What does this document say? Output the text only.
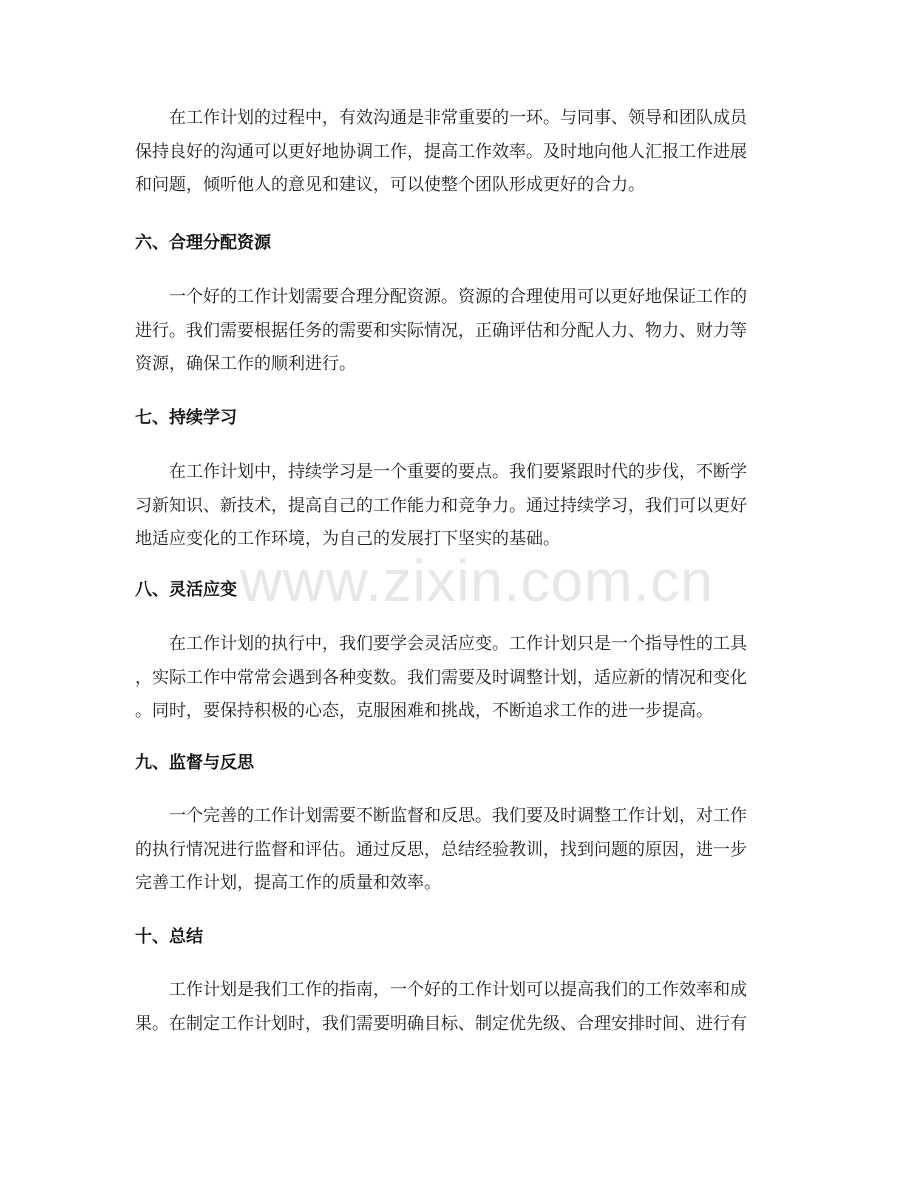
在工作计划的过程中，有效沟通是非常重要的一环。与同事、领导和团队成员
保持良好的沟通可以更好地协调工作，提高工作效率。及时地向他人汇报工作进展
和问题，倾听他人的意见和建议，可以使整个团队形成更好的合力。
六、合理分配资源
一个好的工作计划需要合理分配资源。资源的合理使用可以更好地保证工作的
进行。我们需要根据任务的需要和实际情况，正确评估和分配人力、物力、财力等
资源，确保工作的顺利进行。
七、持续学习
在工作计划中，持续学习是一个重要的要点。我们要紧跟时代的步伐，不断学
习新知识、新技术，提高自己的工作能力和竞争力。通过持续学习，我们可以更好
地适应变化的工作环境，为自己的发展打下坚实的基础。
八、灵活应变
在工作计划的执行中，我们要学会灵活应变。工作计划只是一个指导性的工具
，实际工作中常常会遇到各种变数。我们需要及时调整计划，适应新的情况和变化
。同时，要保持积极的心态，克服困难和挑战，不断追求工作的进一步提高。
九、监督与反思
一个完善的工作计划需要不断监督和反思。我们要及时调整工作计划，对工作
的执行情况进行监督和评估。通过反思，总结经验教训，找到问题的原因，进一步
完善工作计划，提高工作的质量和效率。
十、总结
工作计划是我们工作的指南，一个好的工作计划可以提高我们的工作效率和成
果。在制定工作计划时，我们需要明确目标、制定优先级、合理安排时间、进行有
www.zixin.com.cn
